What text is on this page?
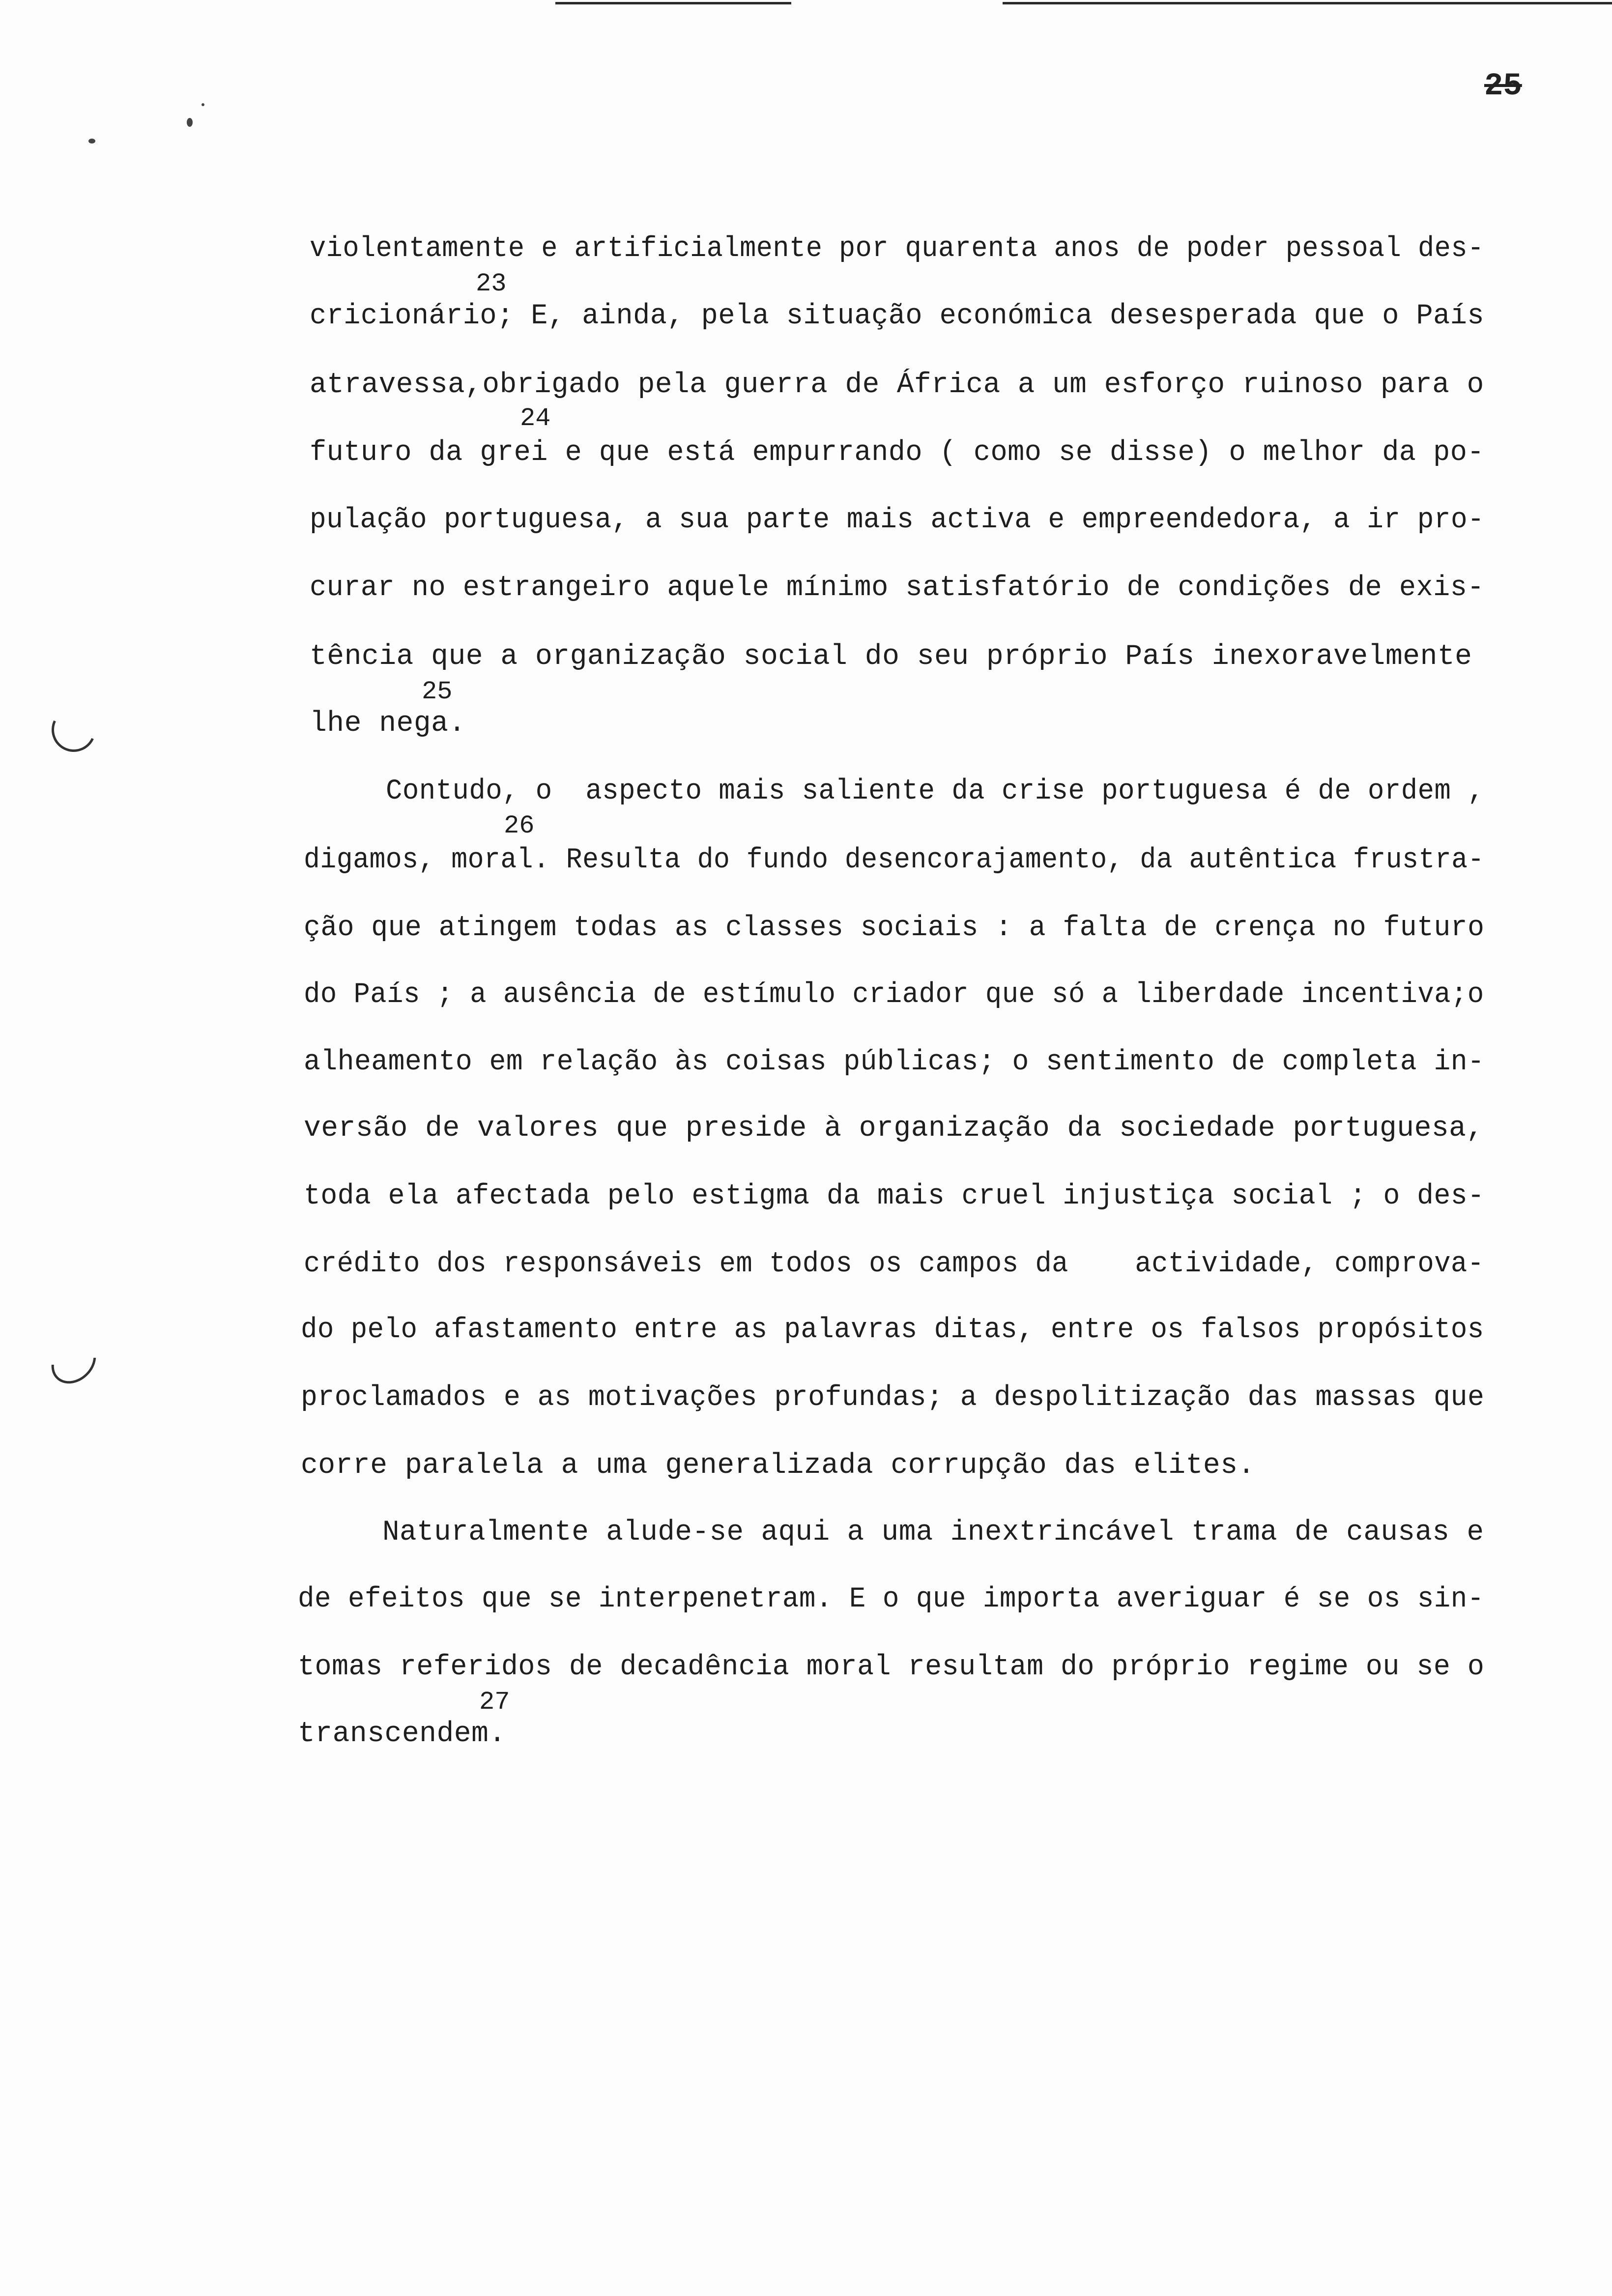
25
violentamente e artificialmente por quarenta anos de poder pessoal des-
23
cricionário; E, ainda, pela situação económica desesperada que o País
atravessa,obrigado pela guerra de África a um esforço ruinoso para o
24
futuro da grei e que está empurrando ( como se disse) o melhor da po-
pulação portuguesa, a sua parte mais activa e empreendedora, a ir pro-
curar no estrangeiro aquele mínimo satisfatório de condições de exis-
tência que a organização social do seu próprio País inexoravelmente
25
lhe nega.
Contudo, o  aspecto mais saliente da crise portuguesa é de ordem ,
26
digamos, moral. Resulta do fundo desencorajamento, da autêntica frustra-
ção que atingem todas as classes sociais : a falta de crença no futuro
do País ; a ausência de estímulo criador que só a liberdade incentiva;o
alheamento em relação às coisas públicas; o sentimento de completa in-
versão de valores que preside à organização da sociedade portuguesa,
toda ela afectada pelo estigma da mais cruel injustiça social ; o des-
crédito dos responsáveis em todos os campos da    actividade, comprova-
do pelo afastamento entre as palavras ditas, entre os falsos propósitos
proclamados e as motivações profundas; a despolitização das massas que
corre paralela a uma generalizada corrupção das elites.
Naturalmente alude-se aqui a uma inextrincável trama de causas e
de efeitos que se interpenetram. E o que importa averiguar é se os sin-
tomas referidos de decadência moral resultam do próprio regime ou se o
27
transcendem.
